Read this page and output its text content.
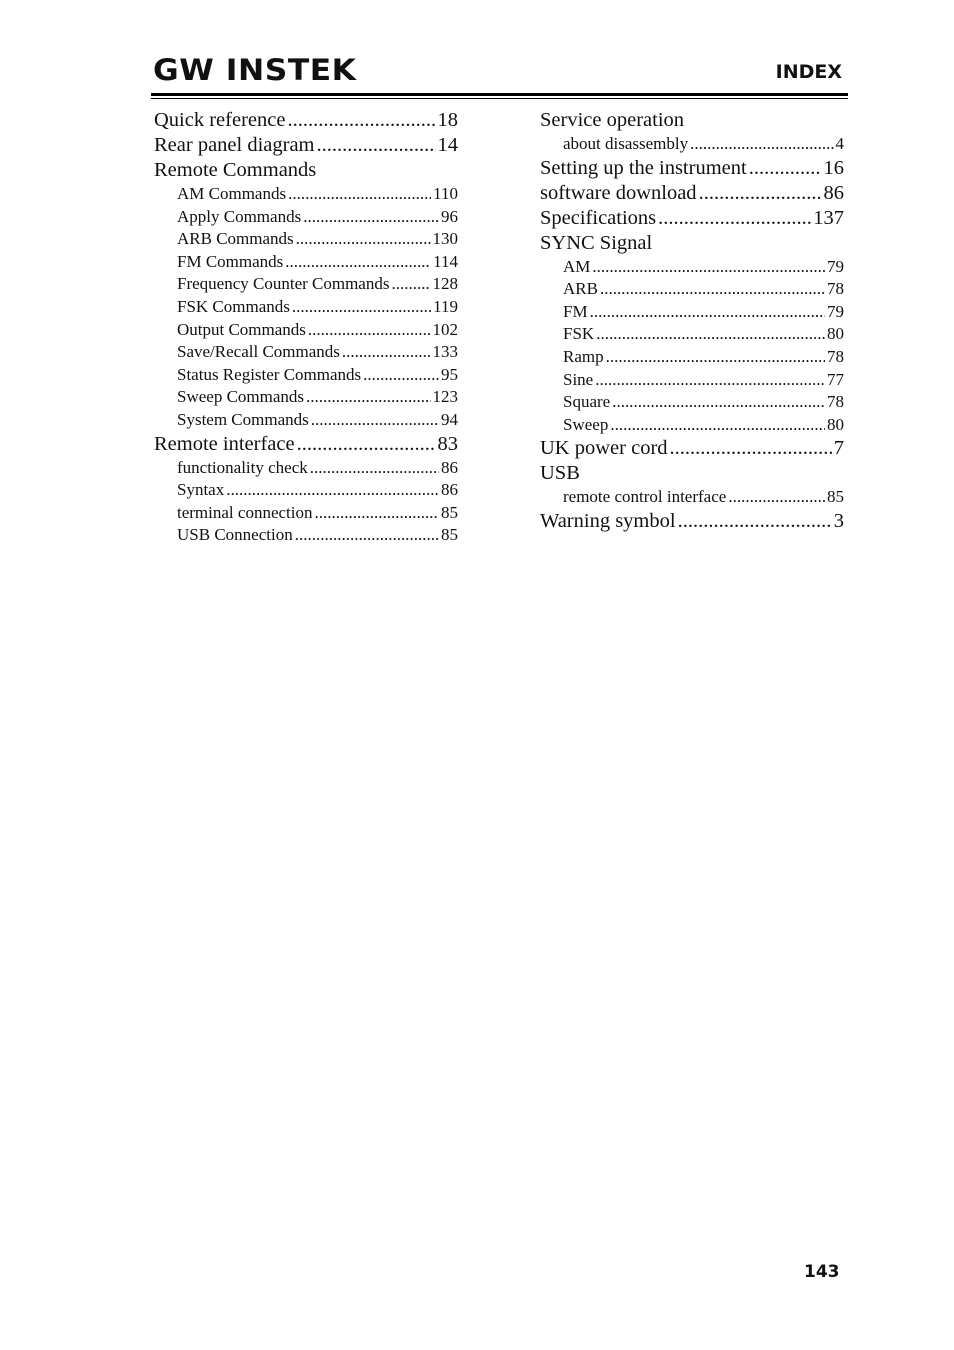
GW INSTEK	INDEX
Quick reference .....	18
Rear panel diagram .....	14
Remote Commands
AM Commands .....	110
Apply Commands .....	96
ARB Commands .....	130
FM Commands .....	114
Frequency Counter Commands .....	128
FSK Commands .....	119
Output Commands .....	102
Save/Recall Commands .....	133
Status Register Commands .....	95
Sweep Commands .....	123
System Commands .....	94
Remote interface .....	83
functionality check .....	86
Syntax .....	86
terminal connection .....	85
USB Connection .....	85
Service operation
about disassembly .....	4
Setting up the instrument .....	16
software download .....	86
Specifications .....	137
SYNC Signal
AM .....	79
ARB .....	78
FM .....	79
FSK .....	80
Ramp .....	78
Sine .....	77
Square .....	78
Sweep .....	80
UK power cord .....	7
USB
remote control interface .....	85
Warning symbol .....	3
143
